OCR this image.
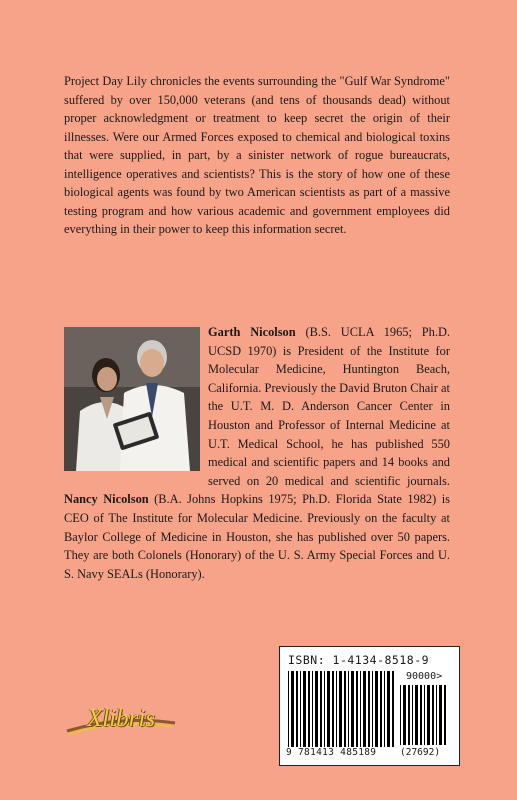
Project Day Lily chronicles the events surrounding the "Gulf War Syndrome" suffered by over 150,000 veterans (and tens of thousands dead) without proper acknowledgment or treatment to keep secret the origin of their illnesses. Were our Armed Forces exposed to chemical and biological toxins that were supplied, in part, by a sinister network of rogue bureaucrats, intelligence operatives and scientists? This is the story of how one of these biological agents was found by two American scientists as part of a massive testing program and how various academic and government employees did everything in their power to keep this information secret.

Garth Nicolson (B.S. UCLA 1965; Ph.D. UCSD 1970) is President of the Institute for Molecular Medicine, Huntington Beach, California. Previously the David Bruton Chair at the U.T. M. D. Anderson Cancer Center in Houston and Professor of Internal Medicine at U.T. Medical School, he has published 550 medical and scientific papers and 14 books and served on 20 medical and scientific journals. Nancy Nicolson (B.A. Johns Hopkins 1975; Ph.D. Florida State 1982) is CEO of The Institute for Molecular Medicine. Previously on the faculty at Baylor College of Medicine in Houston, she has published over 50 papers. They are both Colonels (Honorary) of the U. S. Army Special Forces and U. S. Navy SEALs (Honorary).
Xlibris
ISBN: 1-4134-8518-9
90000>
9 781413 485189 (27692)
